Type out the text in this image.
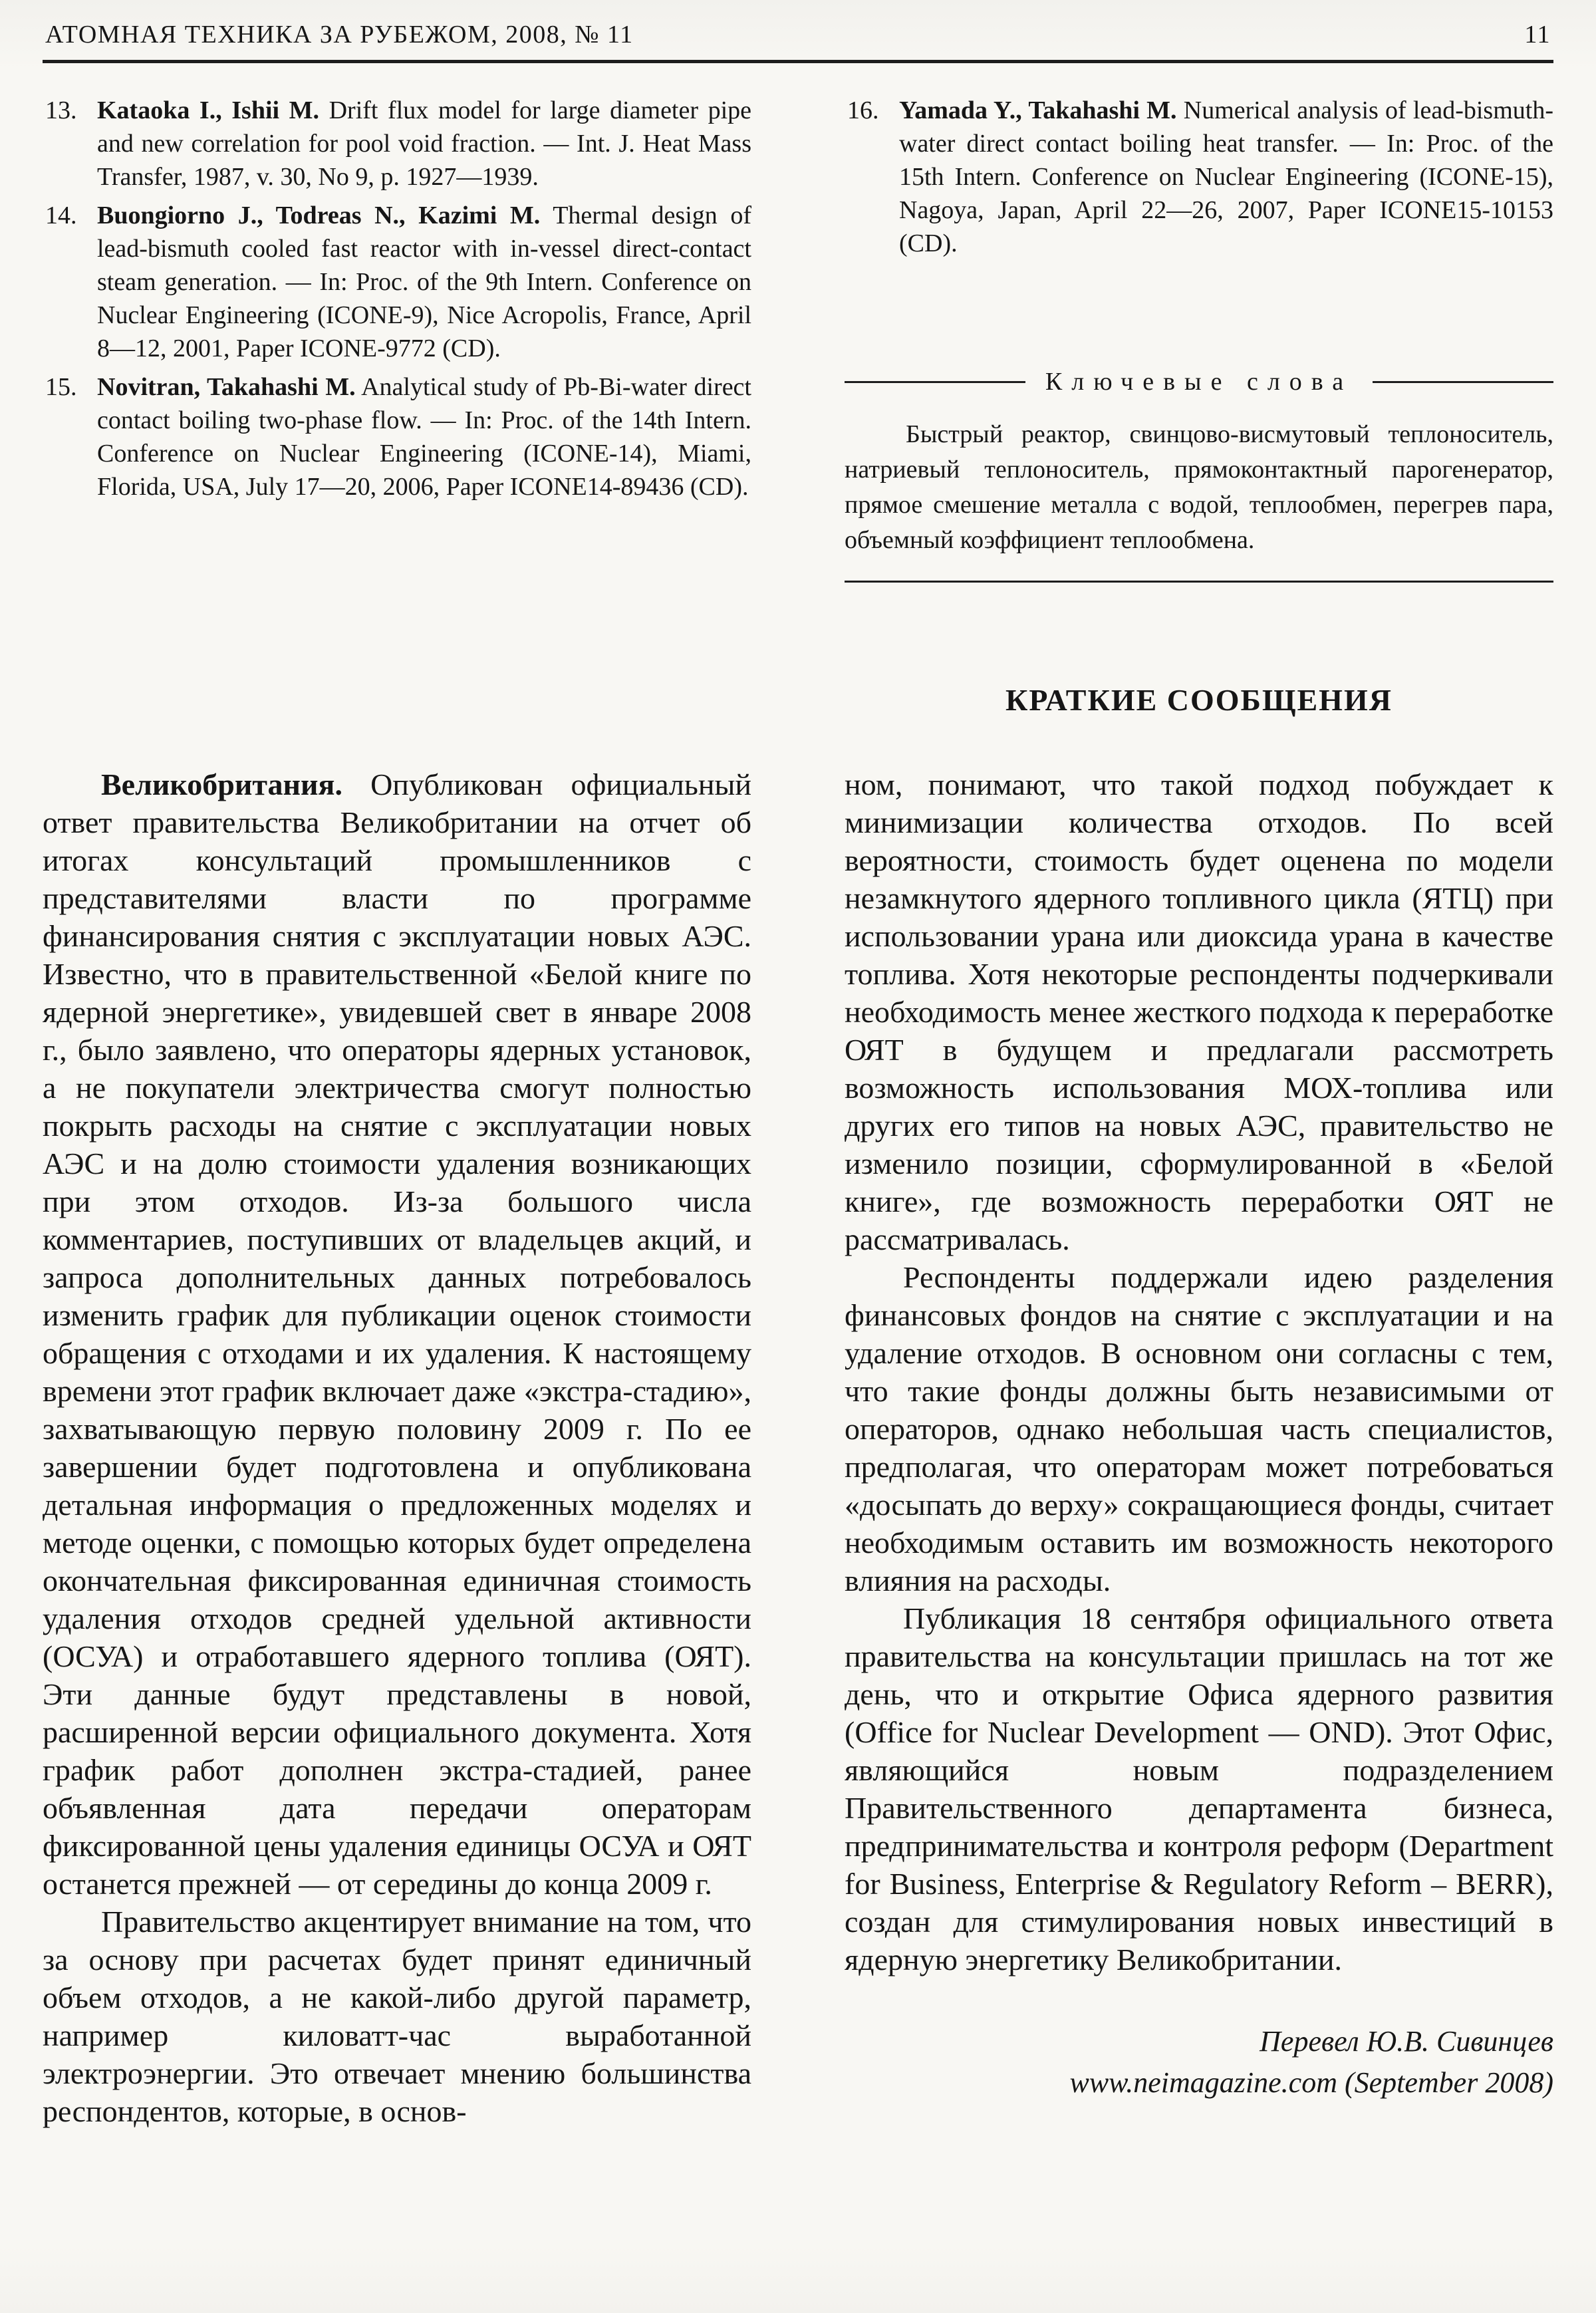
АТОМНАЯ ТЕХНИКА ЗА РУБЕЖОМ, 2008, № 11	11

13. Kataoka I., Ishii M. Drift flux model for large diameter pipe and new correlation for pool void fraction. — Int. J. Heat Mass Transfer, 1987, v. 30, No 9, p. 1927—1939.

14. Buongiorno J., Todreas N., Kazimi M. Thermal design of lead-bismuth cooled fast reactor with in-vessel direct-contact steam generation. — In: Proc. of the 9th Intern. Conference on Nuclear Engineering (ICONE-9), Nice Acropolis, France, April 8—12, 2001, Paper ICONE-9772 (CD).

15. Novitran, Takahashi M. Analytical study of Pb-Bi-water direct contact boiling two-phase flow. — In: Proc. of the 14th Intern. Conference on Nuclear Engineering (ICONE-14), Miami, Florida, USA, July 17—20, 2006, Paper ICONE14-89436 (CD).

16. Yamada Y., Takahashi M. Numerical analysis of lead-bismuth-water direct contact boiling heat transfer. — In: Proc. of the 15th Intern. Conference on Nuclear Engineering (ICONE-15), Nagoya, Japan, April 22—26, 2007, Paper ICONE15-10153 (CD).

Ключевые слова

Быстрый реактор, свинцово-висмутовый теплоноситель, натриевый теплоноситель, прямоконтактный парогенератор, прямое смешение металла с водой, теплообмен, перегрев пара, объемный коэффициент теплообмена.

КРАТКИЕ СООБЩЕНИЯ

Великобритания. Опубликован официальный ответ правительства Великобритании на отчет об итогах консультаций промышленников с представителями власти по программе финансирования снятия с эксплуатации новых АЭС. Известно, что в правительственной «Белой книге по ядерной энергетике», увидевшей свет в январе 2008 г., было заявлено, что операторы ядерных установок, а не покупатели электричества смогут полностью покрыть расходы на снятие с эксплуатации новых АЭС и на долю стоимости удаления возникающих при этом отходов. Из-за большого числа комментариев, поступивших от владельцев акций, и запроса дополнительных данных потребовалось изменить график для публикации оценок стоимости обращения с отходами и их удаления. К настоящему времени этот график включает даже «экстра-стадию», захватывающую первую половину 2009 г. По ее завершении будет подготовлена и опубликована детальная информация о предложенных моделях и методе оценки, с помощью которых будет определена окончательная фиксированная единичная стоимость удаления отходов средней удельной активности (ОСУА) и отработавшего ядерного топлива (ОЯТ). Эти данные будут представлены в новой, расширенной версии официального документа. Хотя график работ дополнен экстра-стадией, ранее объявленная дата передачи операторам фиксированной цены удаления единицы ОСУА и ОЯТ останется прежней — от середины до конца 2009 г.

Правительство акцентирует внимание на том, что за основу при расчетах будет принят единичный объем отходов, а не какой-либо другой параметр, например киловатт-час выработанной электроэнергии. Это отвечает мнению большинства респондентов, которые, в основ-

ном, понимают, что такой подход побуждает к минимизации количества отходов. По всей вероятности, стоимость будет оценена по модели незамкнутого ядерного топливного цикла (ЯТЦ) при использовании урана или диоксида урана в качестве топлива. Хотя некоторые респонденты подчеркивали необходимость менее жесткого подхода к переработке ОЯТ в будущем и предлагали рассмотреть возможность использования МОХ-топлива или других его типов на новых АЭС, правительство не изменило позиции, сформулированной в «Белой книге», где возможность переработки ОЯТ не рассматривалась.

Респонденты поддержали идею разделения финансовых фондов на снятие с эксплуатации и на удаление отходов. В основном они согласны с тем, что такие фонды должны быть независимыми от операторов, однако небольшая часть специалистов, предполагая, что операторам может потребоваться «досыпать до верху» сокращающиеся фонды, считает необходимым оставить им возможность некоторого влияния на расходы.

Публикация 18 сентября официального ответа правительства на консультации пришлась на тот же день, что и открытие Офиса ядерного развития (Office for Nuclear Development — OND). Этот Офис, являющийся новым подразделением Правительственного департамента бизнеса, предпринимательства и контроля реформ (Department for Business, Enterprise & Regulatory Reform – BERR), создан для стимулирования новых инвестиций в ядерную энергетику Великобритании.

Перевел Ю.В. Сивинцев

www.neimagazine.com (September 2008)
